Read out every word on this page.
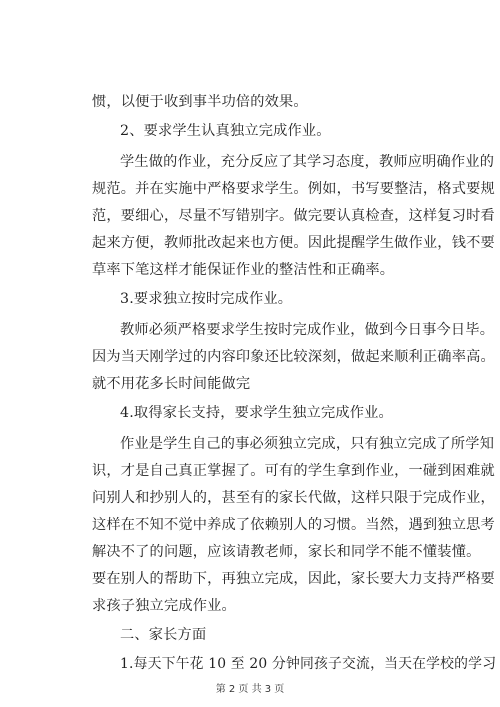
惯，以便于收到事半功倍的效果。
2、要求学生认真独立完成作业。
学生做的作业，充分反应了其学习态度，教师应明确作业的
规范。并在实施中严格要求学生。例如，书写要整洁，格式要规
范，要细心，尽量不写错别字。做完要认真检查，这样复习时看
起来方便，教师批改起来也方便。因此提醒学生做作业，钱不要
草率下笔这样才能保证作业的整洁性和正确率。
3.要求独立按时完成作业。
教师必须严格要求学生按时完成作业，做到今日事今日毕。
因为当天刚学过的内容印象还比较深刻，做起来顺利正确率高。
就不用花多长时间能做完
4.取得家长支持，要求学生独立完成作业。
作业是学生自己的事必须独立完成，只有独立完成了所学知
识，才是自己真正掌握了。可有的学生拿到作业，一碰到困难就
问别人和抄别人的，甚至有的家长代做，这样只限于完成作业，
这样在不知不觉中养成了依赖别人的习惯。当然，遇到独立思考
解决不了的问题，应该请教老师，家长和同学不能不懂装懂。
要在别人的帮助下，再独立完成，因此，家长要大力支持严格要
求孩子独立完成作业。
二、家长方面
1.每天下午花 10 至 20 分钟同孩子交流，当天在学校的学习
第 2 页 共 3 页
